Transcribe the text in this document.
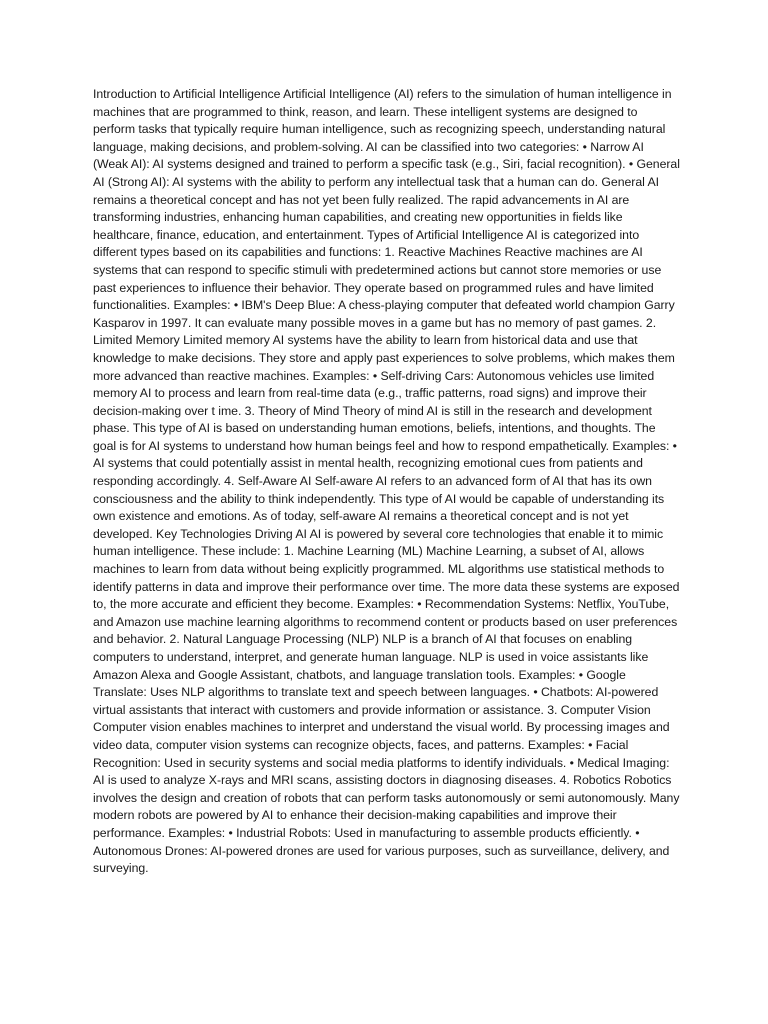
Introduction to Artificial Intelligence Artificial Intelligence (AI) refers to the simulation of human intelligence in machines that are programmed to think, reason, and learn. These intelligent systems are designed to perform tasks that typically require human intelligence, such as recognizing speech, understanding natural language, making decisions, and problem-solving. AI can be classified into two categories: • Narrow AI (Weak AI): AI systems designed and trained to perform a specific task (e.g., Siri, facial recognition). • General AI (Strong AI): AI systems with the ability to perform any intellectual task that a human can do. General AI remains a theoretical concept and has not yet been fully realized. The rapid advancements in AI are transforming industries, enhancing human capabilities, and creating new opportunities in fields like healthcare, finance, education, and entertainment. Types of Artificial Intelligence AI is categorized into different types based on its capabilities and functions: 1. Reactive Machines Reactive machines are AI systems that can respond to specific stimuli with predetermined actions but cannot store memories or use past experiences to influence their behavior. They operate based on programmed rules and have limited functionalities. Examples: • IBM's Deep Blue: A chess-playing computer that defeated world champion Garry Kasparov in 1997. It can evaluate many possible moves in a game but has no memory of past games. 2. Limited Memory Limited memory AI systems have the ability to learn from historical data and use that knowledge to make decisions. They store and apply past experiences to solve problems, which makes them more advanced than reactive machines. Examples: • Self-driving Cars: Autonomous vehicles use limited memory AI to process and learn from real-time data (e.g., traffic patterns, road signs) and improve their decision-making over t ime. 3. Theory of Mind Theory of mind AI is still in the research and development phase. This type of AI is based on understanding human emotions, beliefs, intentions, and thoughts. The goal is for AI systems to understand how human beings feel and how to respond empathetically. Examples: • AI systems that could potentially assist in mental health, recognizing emotional cues from patients and responding accordingly. 4. Self-Aware AI Self-aware AI refers to an advanced form of AI that has its own consciousness and the ability to think independently. This type of AI would be capable of understanding its own existence and emotions. As of today, self-aware AI remains a theoretical concept and is not yet developed. Key Technologies Driving AI AI is powered by several core technologies that enable it to mimic human intelligence. These include: 1. Machine Learning (ML) Machine Learning, a subset of AI, allows machines to learn from data without being explicitly programmed. ML algorithms use statistical methods to identify patterns in data and improve their performance over time. The more data these systems are exposed to, the more accurate and efficient they become. Examples: • Recommendation Systems: Netflix, YouTube, and Amazon use machine learning algorithms to recommend content or products based on user preferences and behavior. 2. Natural Language Processing (NLP) NLP is a branch of AI that focuses on enabling computers to understand, interpret, and generate human language. NLP is used in voice assistants like Amazon Alexa and Google Assistant, chatbots, and language translation tools. Examples: • Google Translate: Uses NLP algorithms to translate text and speech between languages. • Chatbots: AI-powered virtual assistants that interact with customers and provide information or assistance. 3. Computer Vision Computer vision enables machines to interpret and understand the visual world. By processing images and video data, computer vision systems can recognize objects, faces, and patterns. Examples: • Facial Recognition: Used in security systems and social media platforms to identify individuals. • Medical Imaging: AI is used to analyze X-rays and MRI scans, assisting doctors in diagnosing diseases. 4. Robotics Robotics involves the design and creation of robots that can perform tasks autonomously or semi autonomously. Many modern robots are powered by AI to enhance their decision-making capabilities and improve their performance. Examples: • Industrial Robots: Used in manufacturing to assemble products efficiently. • Autonomous Drones: AI-powered drones are used for various purposes, such as surveillance, delivery, and surveying.
